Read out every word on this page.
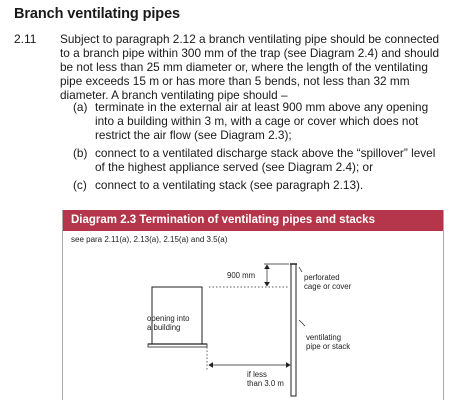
Branch ventilating pipes
2.11 Subject to paragraph 2.12 a branch ventilating pipe should be connected to a branch pipe within 300 mm of the trap (see Diagram 2.4) and should be not less than 25 mm diameter or, where the length of the ventilating pipe exceeds 15 m or has more than 5 bends, not less than 32 mm diameter. A branch ventilating pipe should –
(a) terminate in the external air at least 900 mm above any opening into a building within 3 m, with a cage or cover which does not restrict the air flow (see Diagram 2.3);
(b) connect to a ventilated discharge stack above the “spillover” level of the highest appliance served (see Diagram 2.4); or
(c) connect to a ventilating stack (see paragraph 2.13).
Diagram 2.3 Termination of ventilating pipes and stacks
see para 2.11(a), 2.13(a), 2.15(a) and 3.5(a)
900 mm	perforated
cage or cover
opening into
a building
ventilating
pipe or stack
if less
than 3.0 m
